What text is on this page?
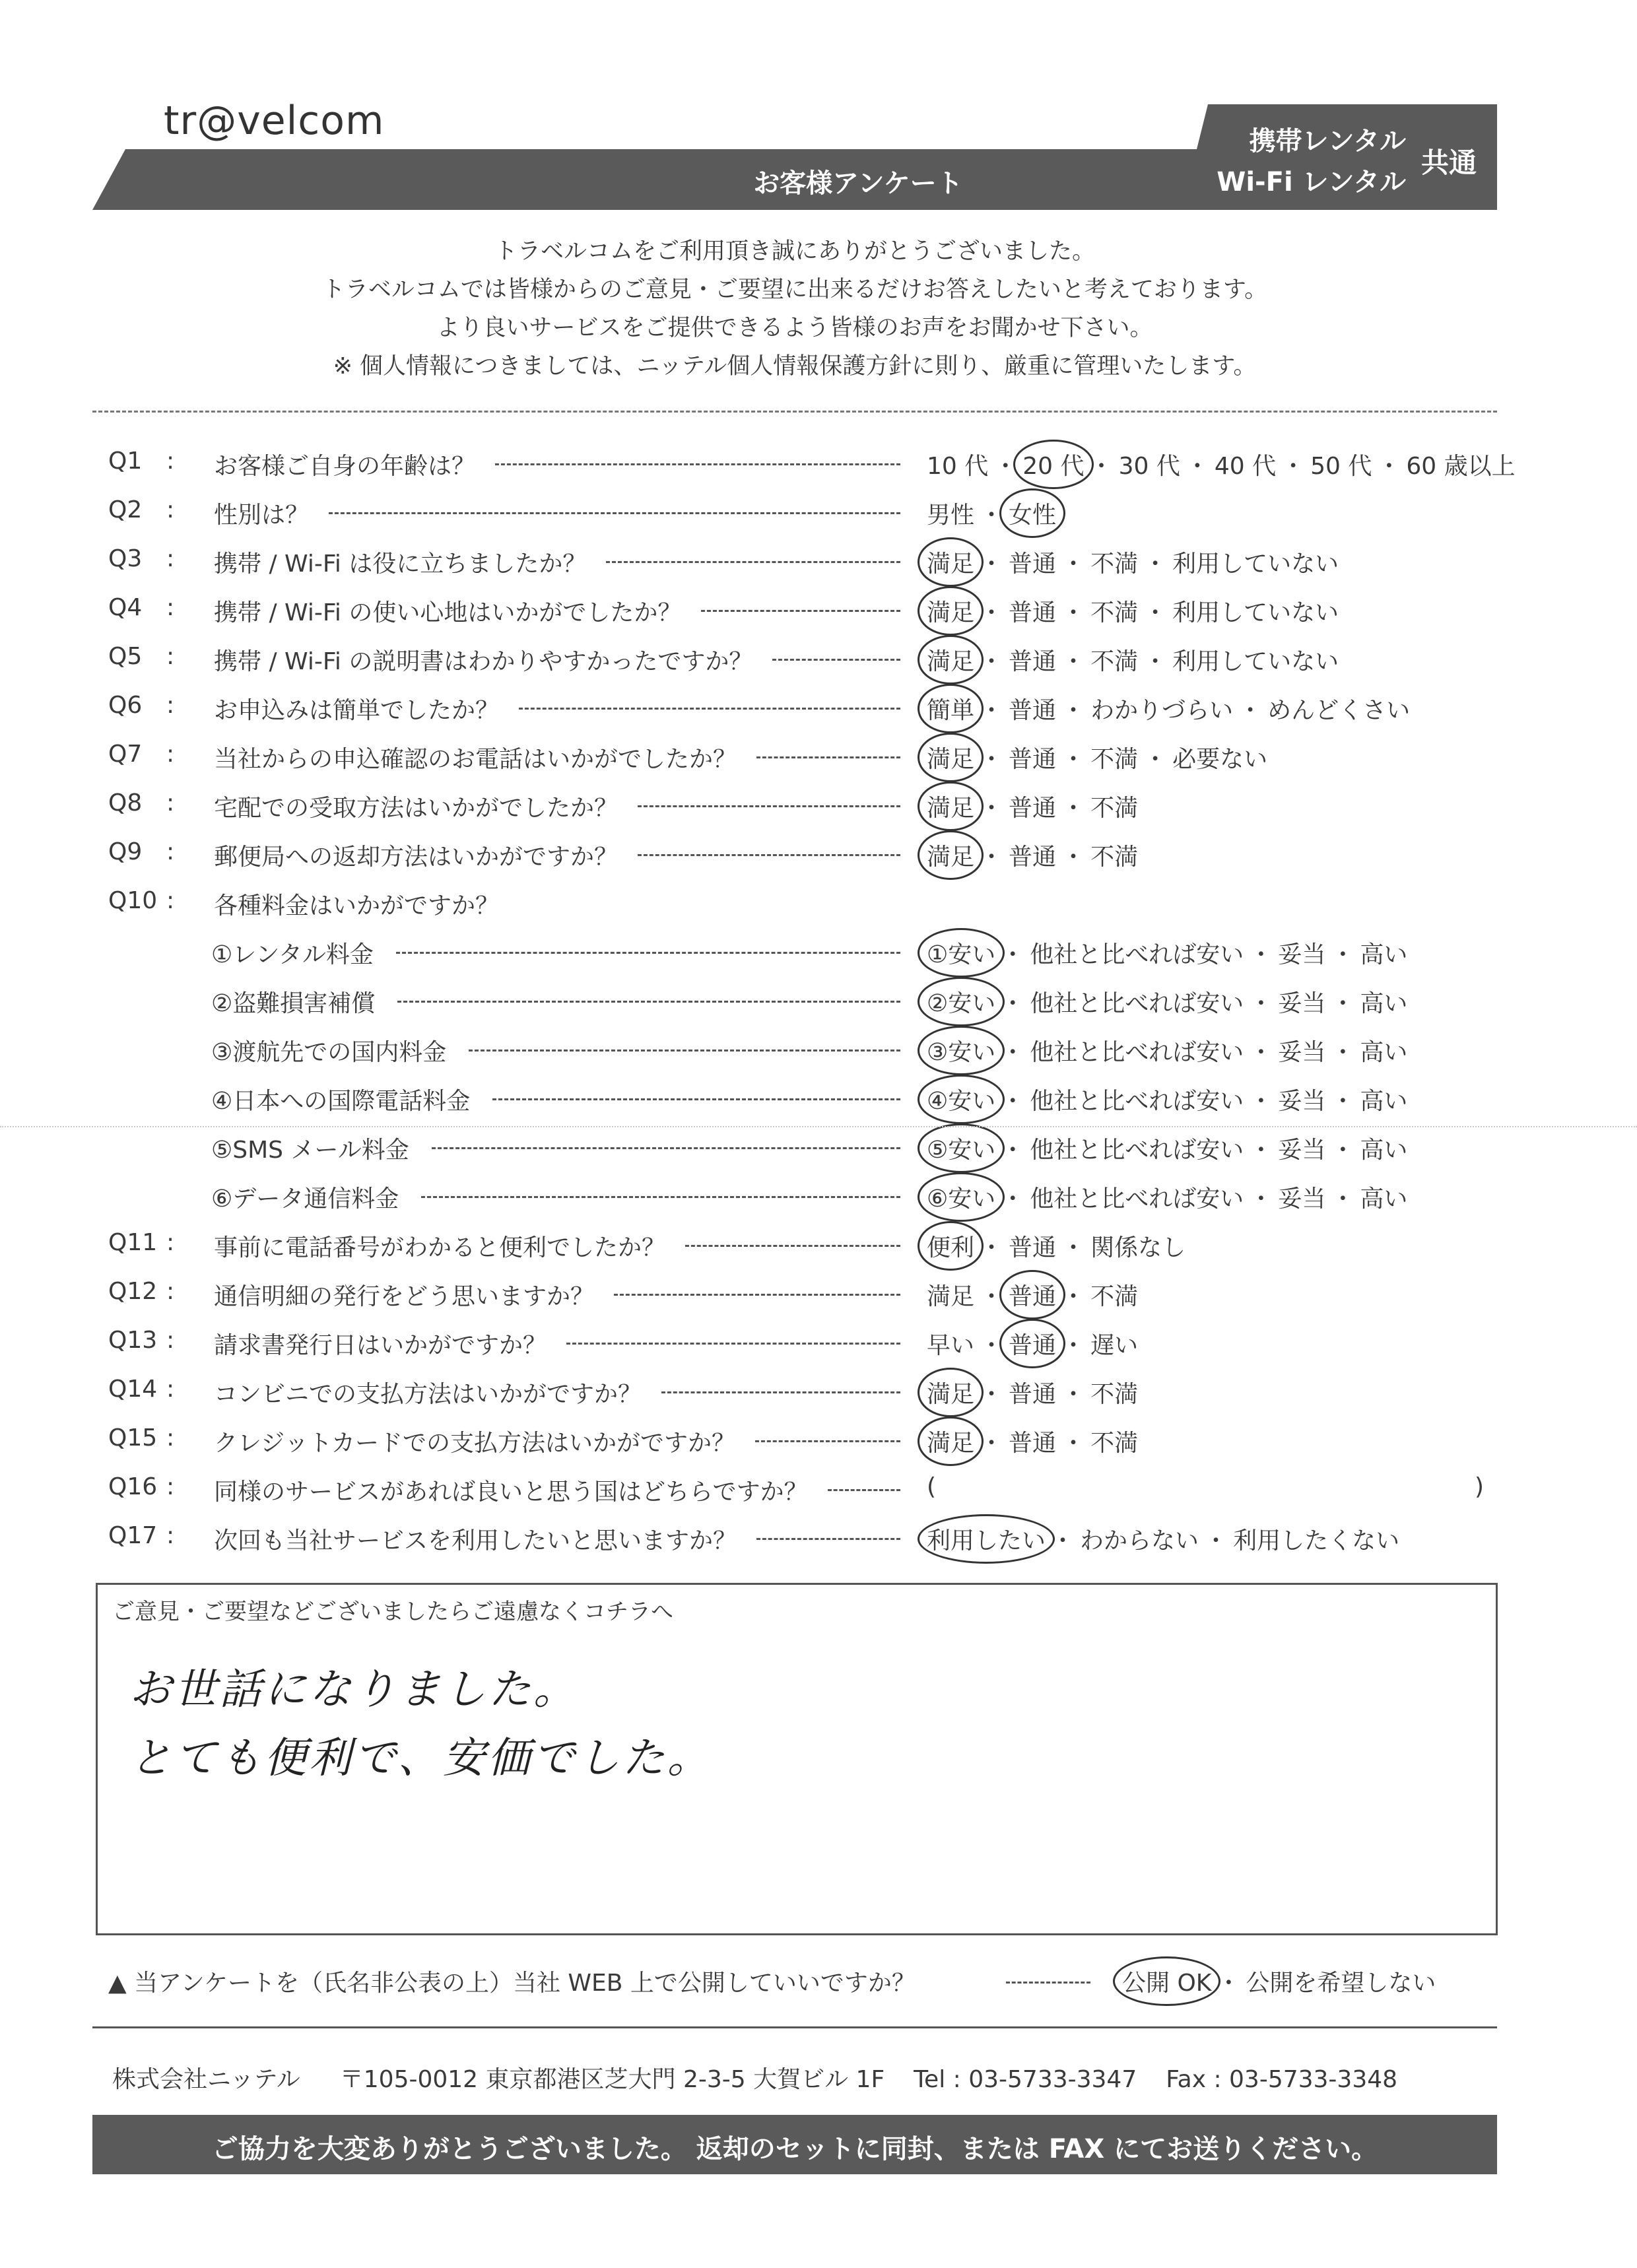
tr@velcom
お客様アンケート
携帯レンタル
Wi-Fi レンタル
共通
トラベルコムをご利用頂き誠にありがとうございました。
トラベルコムでは皆様からのご意見・ご要望に出来るだけお答えしたいと考えております。
より良いサービスをご提供できるよう皆様のお声をお聞かせ下さい。
※ 個人情報につきましては、ニッテル個人情報保護方針に則り、厳重に管理いたします。
Q1 : お客様ご自身の年齢は？	10 代 ・ 20 代 ・ 30 代 ・ 40 代 ・ 50 代 ・ 60 歳以上
Q2 : 性別は？	男性 ・ 女性
Q3 : 携帯 / Wi-Fi は役に立ちましたか？	満足 ・ 普通 ・ 不満 ・ 利用していない
Q4 : 携帯 / Wi-Fi の使い心地はいかがでしたか？	満足 ・ 普通 ・ 不満 ・ 利用していない
Q5 : 携帯 / Wi-Fi の説明書はわかりやすかったですか？	満足 ・ 普通 ・ 不満 ・ 利用していない
Q6 : お申込みは簡単でしたか？	簡単 ・ 普通 ・ わかりづらい ・ めんどくさい
Q7 : 当社からの申込確認のお電話はいかがでしたか？	満足 ・ 普通 ・ 不満 ・ 必要ない
Q8 : 宅配での受取方法はいかがでしたか？	満足 ・ 普通 ・ 不満
Q9 : 郵便局への返却方法はいかがですか？	満足 ・ 普通 ・ 不満
Q10 : 各種料金はいかがですか？
①レンタル料金	①安い ・ 他社と比べれば安い ・ 妥当 ・ 高い
②盗難損害補償	②安い ・ 他社と比べれば安い ・ 妥当 ・ 高い
③渡航先での国内料金	③安い ・ 他社と比べれば安い ・ 妥当 ・ 高い
④日本への国際電話料金	④安い ・ 他社と比べれば安い ・ 妥当 ・ 高い
⑤SMS メール料金	⑤安い ・ 他社と比べれば安い ・ 妥当 ・ 高い
⑥データ通信料金	⑥安い ・ 他社と比べれば安い ・ 妥当 ・ 高い
Q11 : 事前に電話番号がわかると便利でしたか？	便利 ・ 普通 ・ 関係なし
Q12 : 通信明細の発行をどう思いますか？	満足 ・ 普通 ・ 不満
Q13 : 請求書発行日はいかがですか？	早い ・ 普通 ・ 遅い
Q14 : コンビニでの支払方法はいかがですか？	満足 ・ 普通 ・ 不満
Q15 : クレジットカードでの支払方法はいかがですか？	満足 ・ 普通 ・ 不満
Q16 : 同様のサービスがあれば良いと思う国はどちらですか？	(	)
Q17 : 次回も当社サービスを利用したいと思いますか？	利用したい ・ わからない ・ 利用したくない
ご意見・ご要望などございましたらご遠慮なくコチラへ
お世話になりました。
とても便利で、安価でした。
▲ 当アンケートを（氏名非公表の上）当社 WEB 上で公開していいですか？	公開 OK ・ 公開を希望しない
株式会社ニッテル 〒105-0012 東京都港区芝大門 2-3-5 大賀ビル 1F Tel : 03-5733-3347 Fax : 03-5733-3348
ご協力を大変ありがとうございました。 返却のセットに同封、または FAX にてお送りください。
